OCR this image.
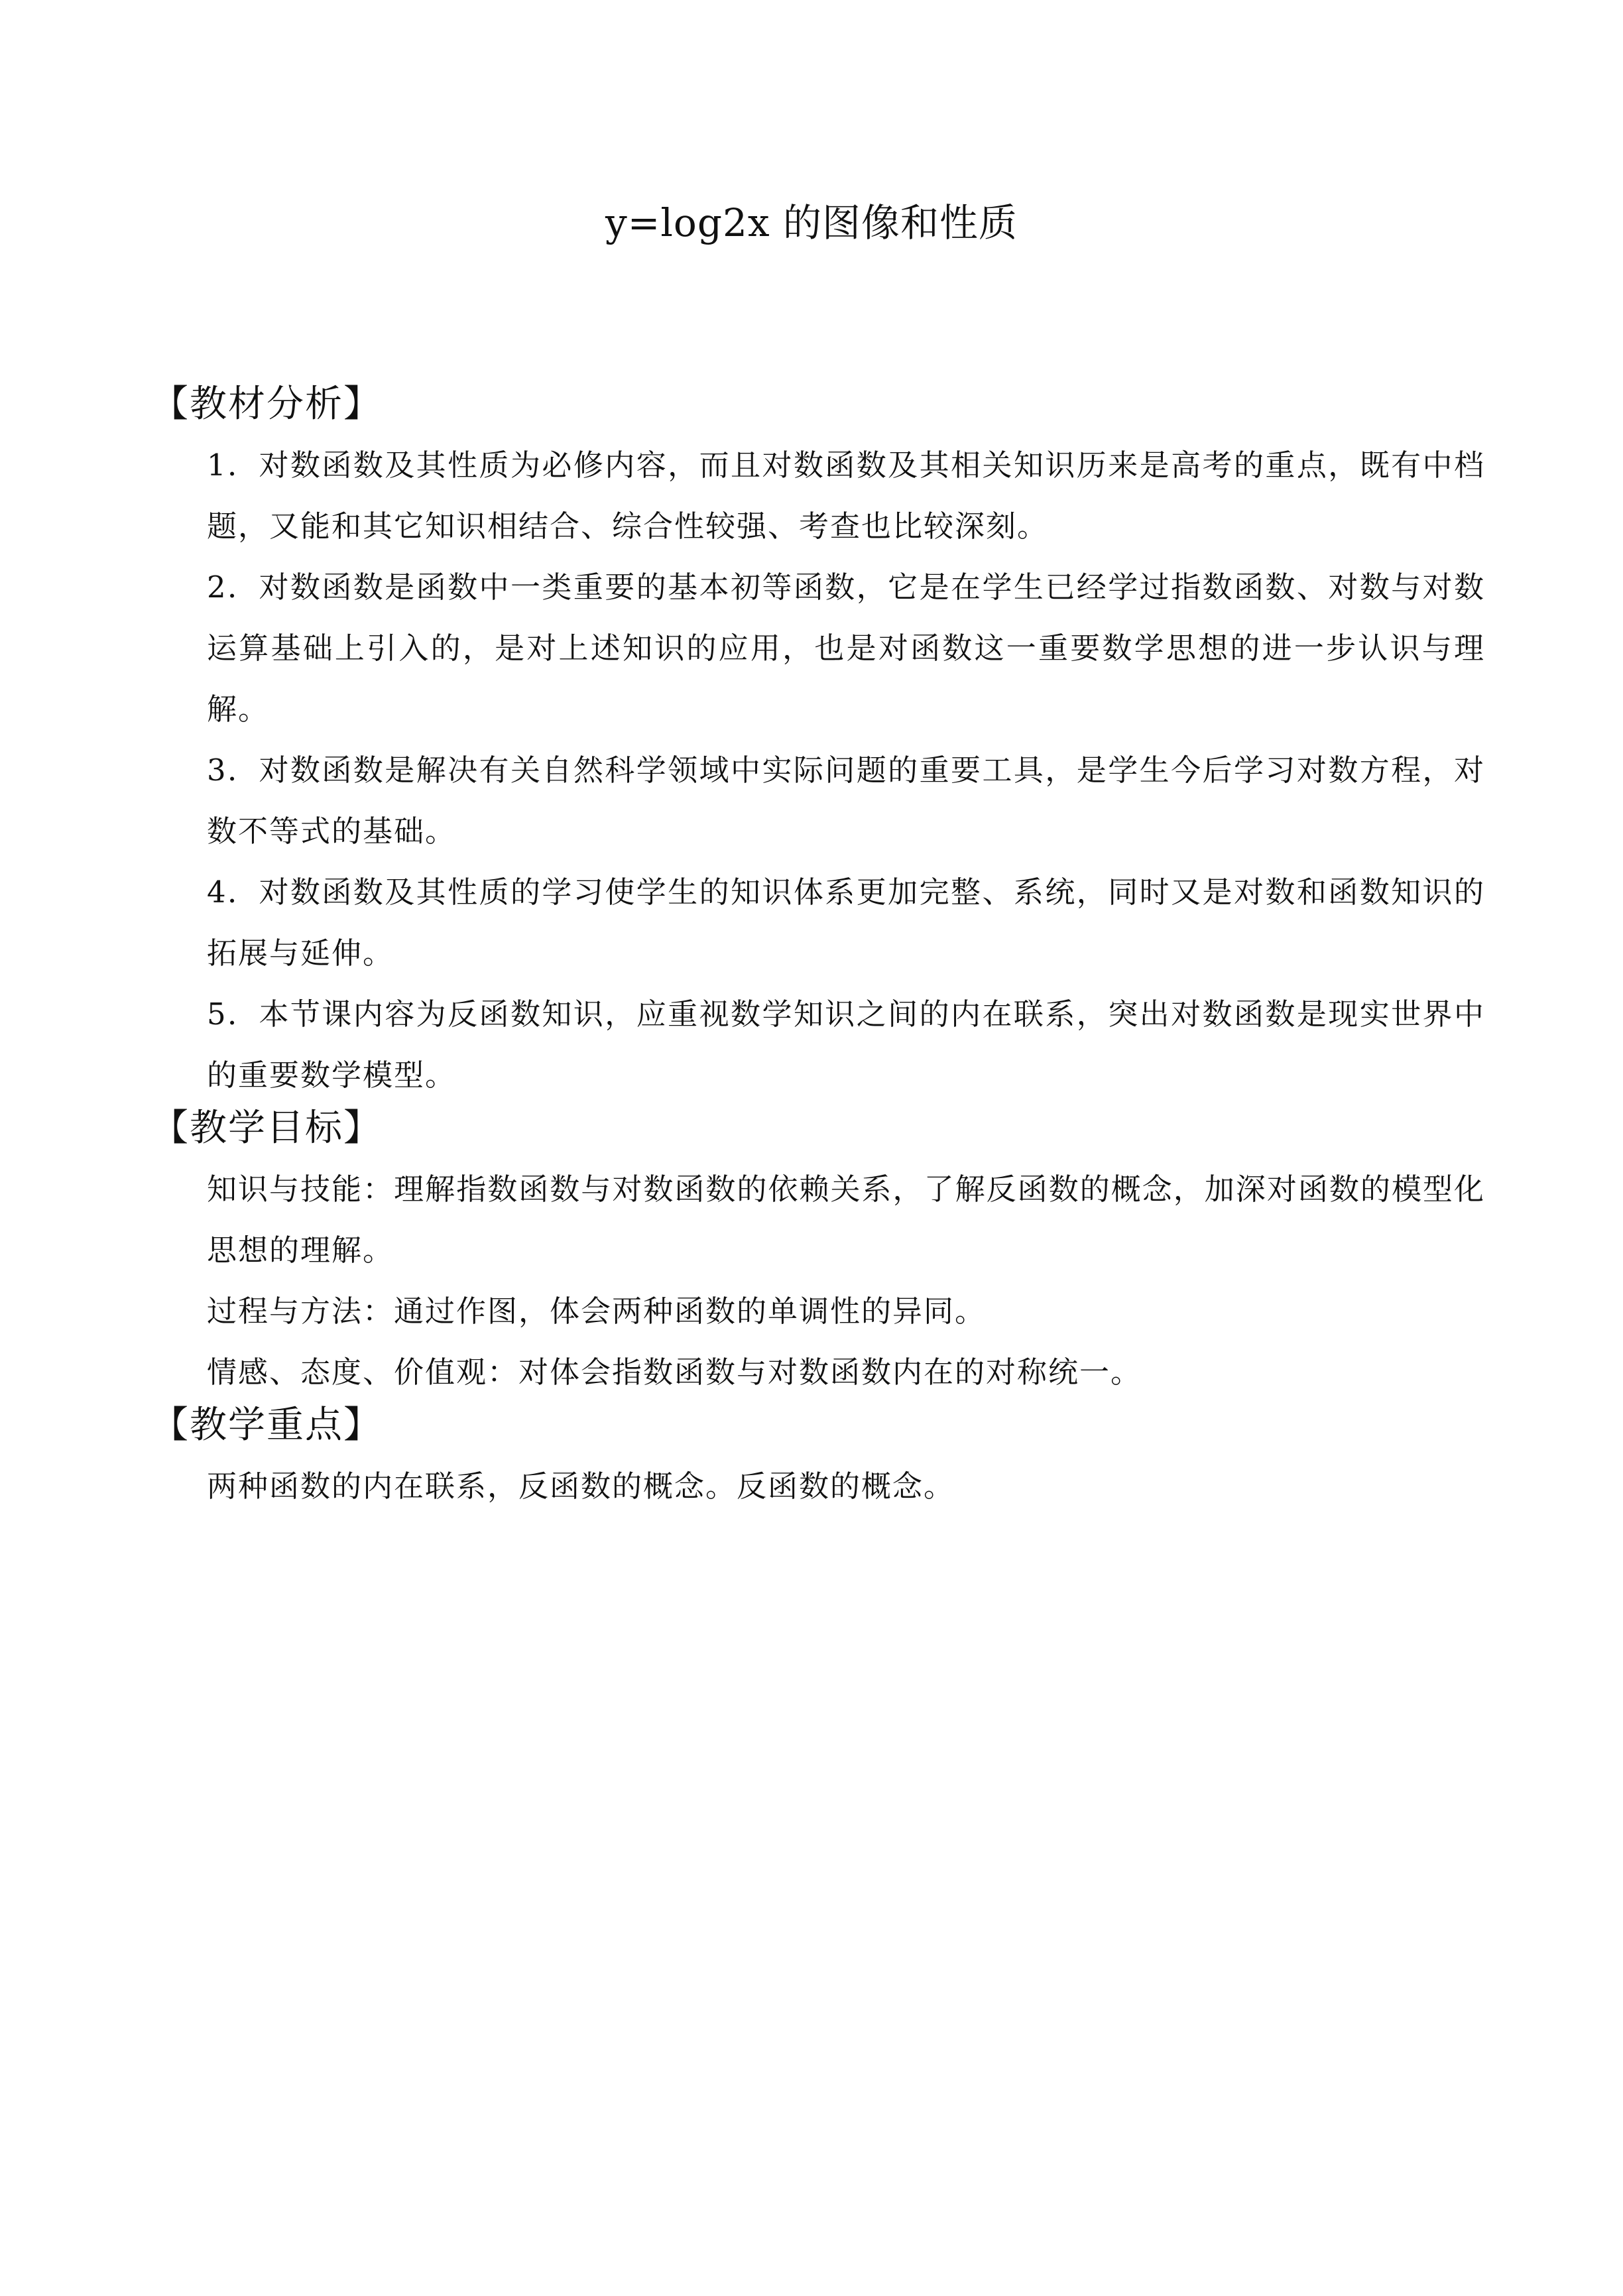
y=log2x 的图像和性质
【教材分析】

1．对数函数及其性质为必修内容，而且对数函数及其相关知识历来是高考的重点，既有中档题，又能和其它知识相结合、综合性较强、考查也比较深刻。

2．对数函数是函数中一类重要的基本初等函数，它是在学生已经学过指数函数、对数与对数运算基础上引入的，是对上述知识的应用，也是对函数这一重要数学思想的进一步认识与理解。

3．对数函数是解决有关自然科学领域中实际问题的重要工具，是学生今后学习对数方程，对数不等式的基础。

4．对数函数及其性质的学习使学生的知识体系更加完整、系统，同时又是对数和函数知识的拓展与延伸。

5．本节课内容为反函数知识，应重视数学知识之间的内在联系，突出对数函数是现实世界中的重要数学模型。

【教学目标】

知识与技能：理解指数函数与对数函数的依赖关系，了解反函数的概念，加深对函数的模型化思想的理解。

过程与方法：通过作图，体会两种函数的单调性的异同。

情感、态度、价值观：对体会指数函数与对数函数内在的对称统一。

【教学重点】

两种函数的内在联系，反函数的概念。反函数的概念。
